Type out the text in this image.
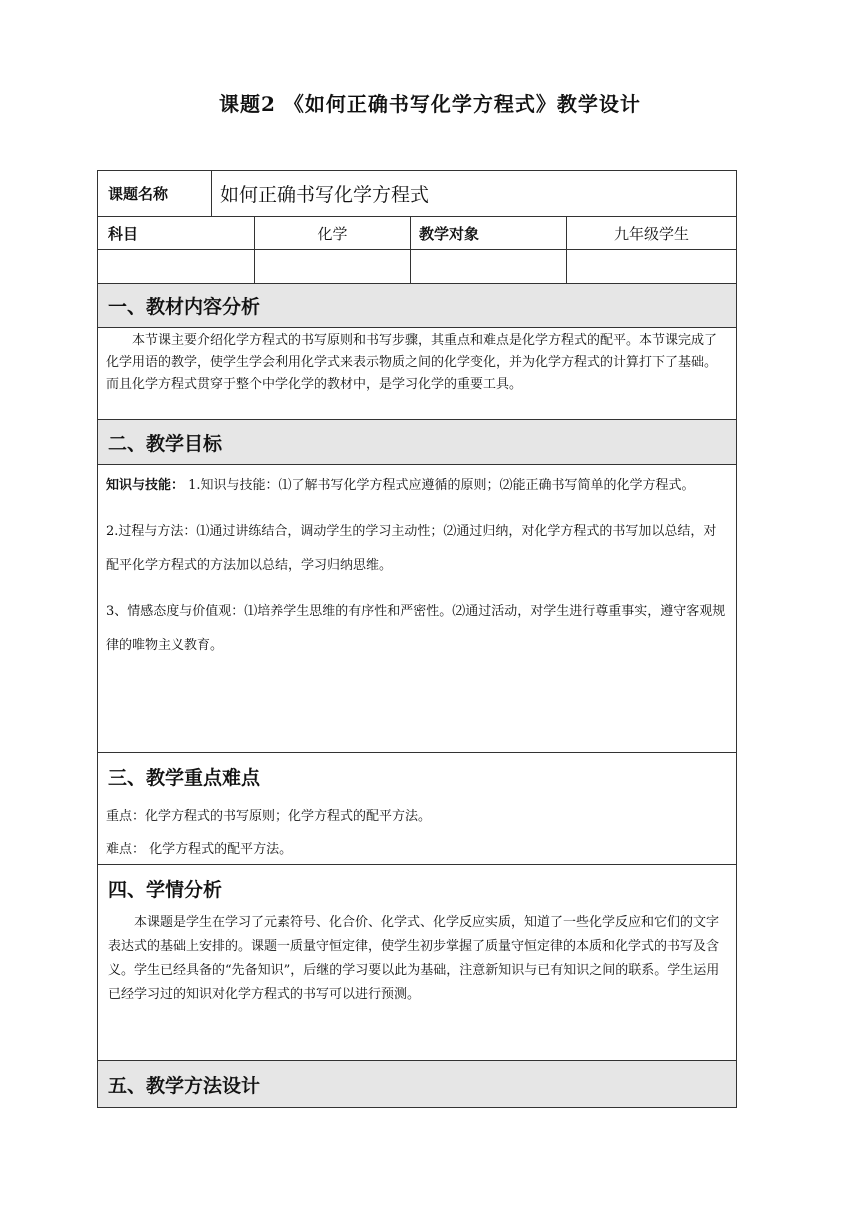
课题2 《如何正确书写化学方程式》教学设计
课题名称	如何正确书写化学方程式
科目	化学	教学对象	九年级学生
一、教材内容分析
本节课主要介绍化学方程式的书写原则和书写步骤，其重点和难点是化学方程式的配平。本节课完成了化学用语的教学，使学生学会利用化学式来表示物质之间的化学变化，并为化学方程式的计算打下了基础。而且化学方程式贯穿于整个中学化学的教材中，是学习化学的重要工具。
二、教学目标
知识与技能： 1.知识与技能：⑴了解书写化学方程式应遵循的原则；⑵能正确书写简单的化学方程式。
2.过程与方法：⑴通过讲练结合，调动学生的学习主动性；⑵通过归纳，对化学方程式的书写加以总结，对配平化学方程式的方法加以总结，学习归纳思维。
3、情感态度与价值观：⑴培养学生思维的有序性和严密性。⑵通过活动，对学生进行尊重事实，遵守客观规律的唯物主义教育。
三、教学重点难点
重点：化学方程式的书写原则；化学方程式的配平方法。
难点： 化学方程式的配平方法。
四、学情分析
本课题是学生在学习了元素符号、化合价、化学式、化学反应实质，知道了一些化学反应和它们的文字表达式的基础上安排的。课题一质量守恒定律，使学生初步掌握了质量守恒定律的本质和化学式的书写及含义。学生已经具备的“先备知识”，后继的学习要以此为基础，注意新知识与已有知识之间的联系。学生运用已经学习过的知识对化学方程式的书写可以进行预测。
五、教学方法设计
